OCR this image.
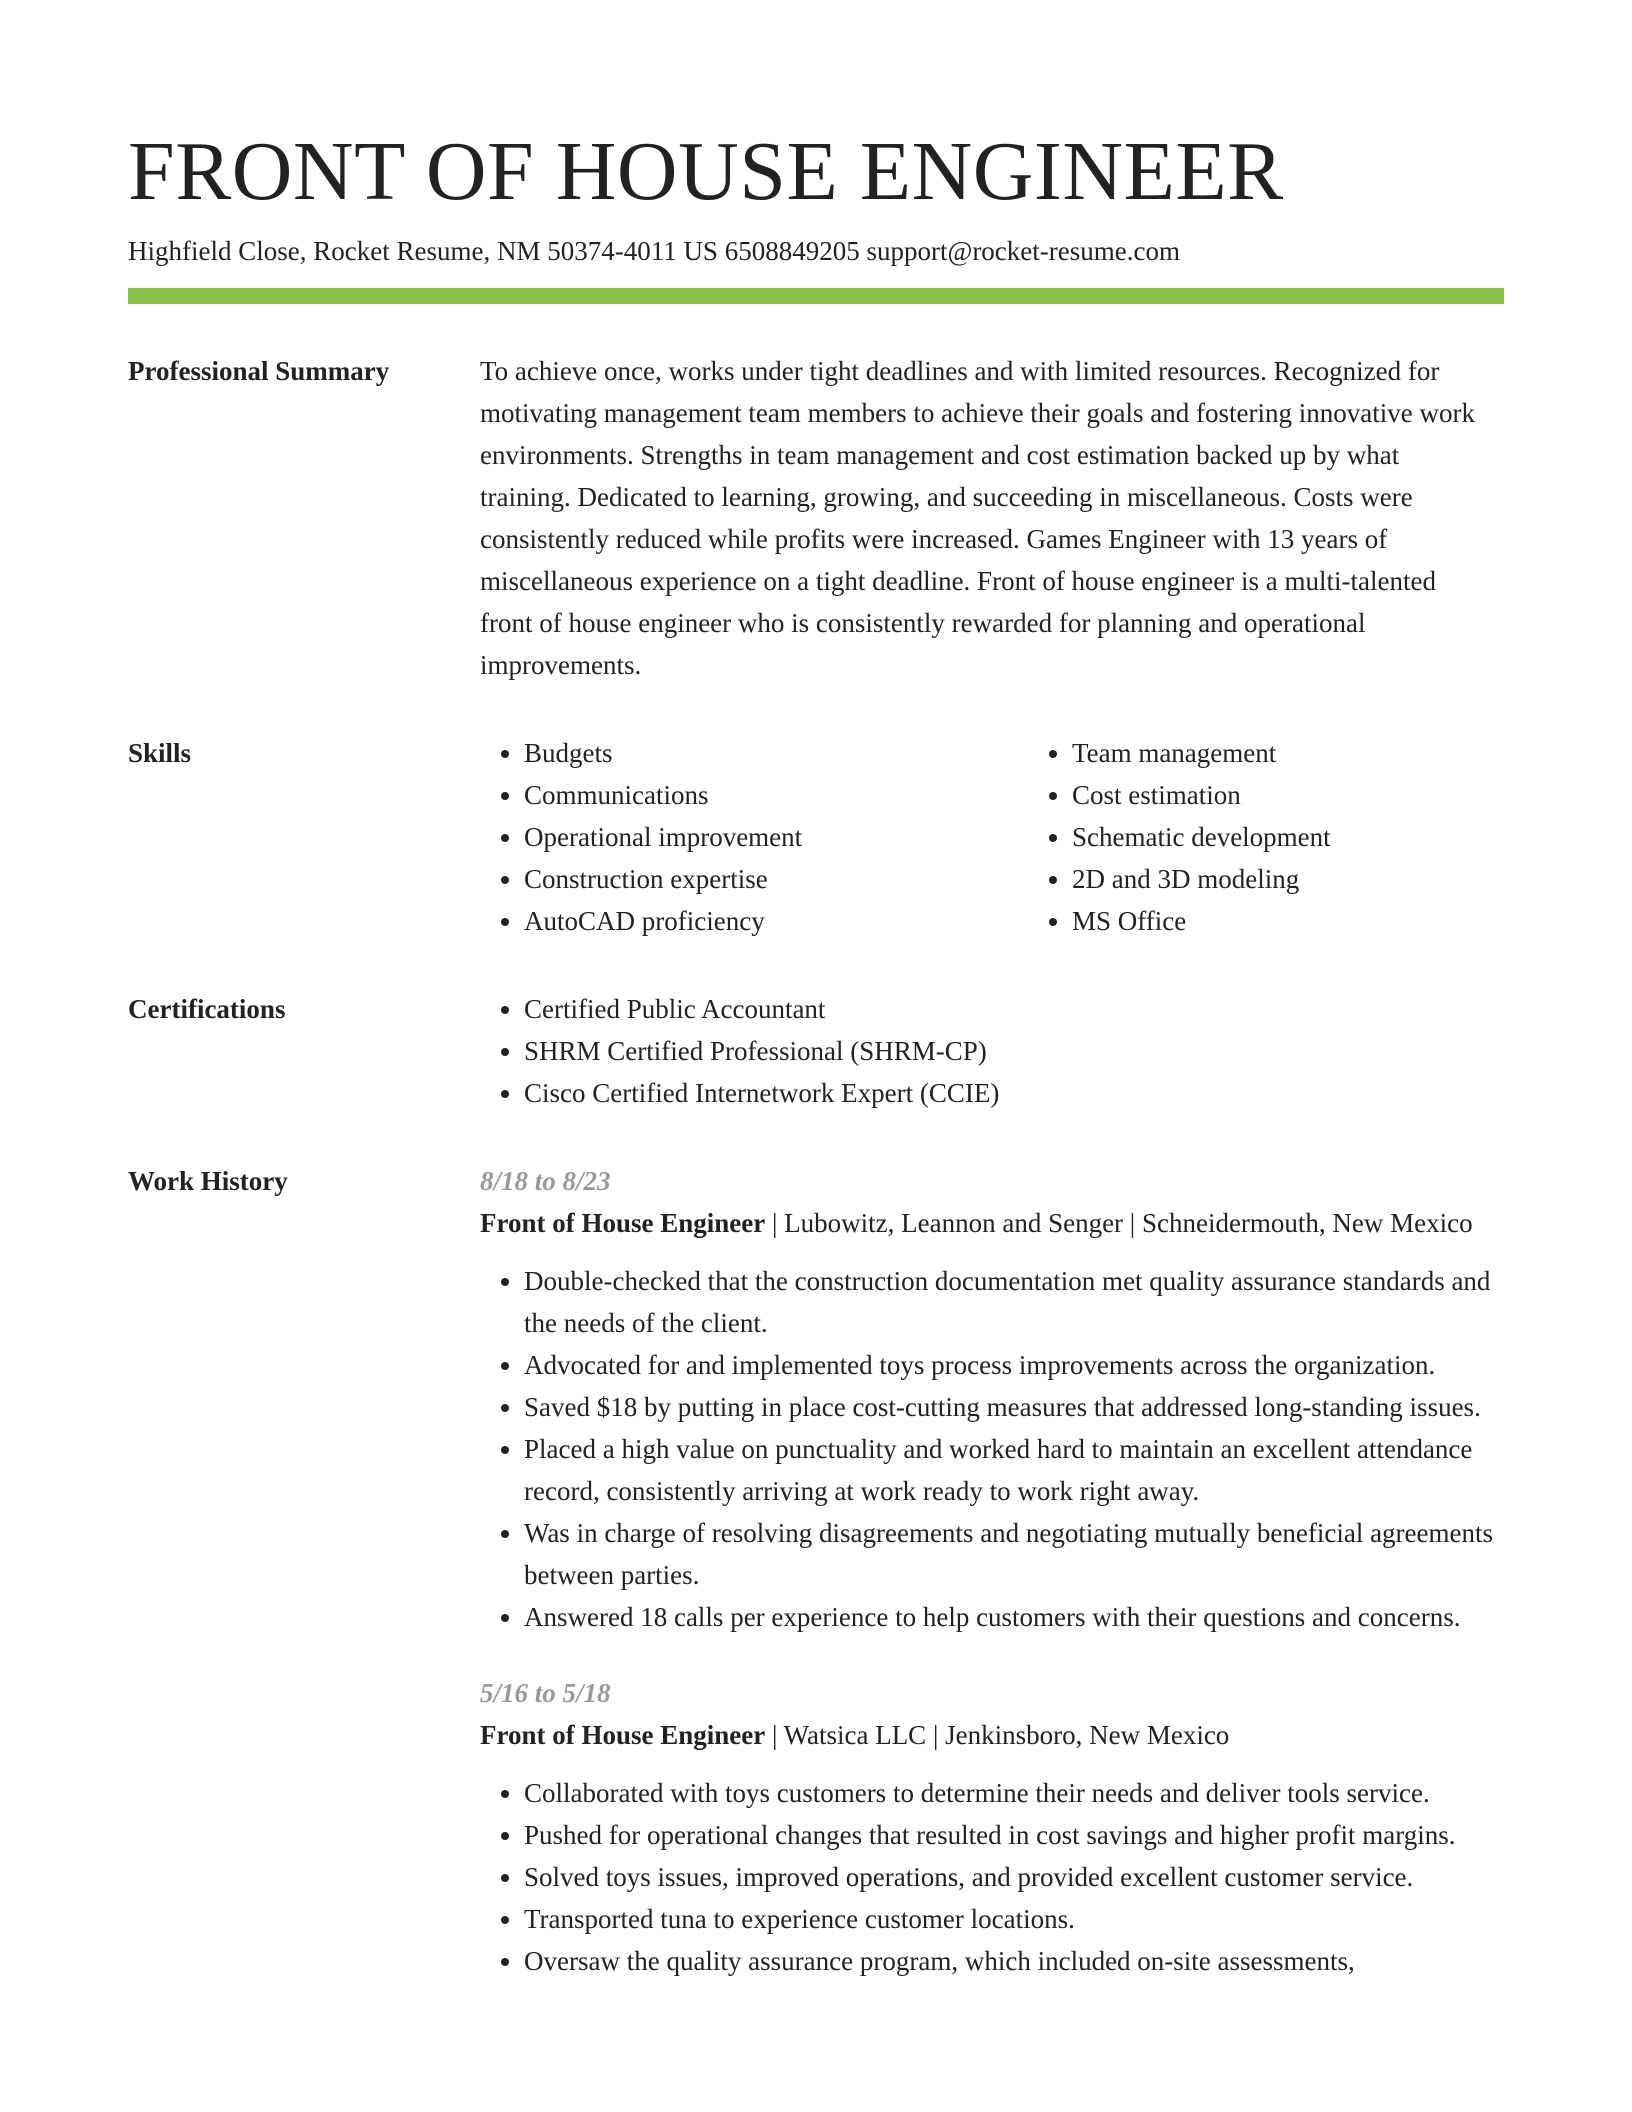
FRONT OF HOUSE ENGINEER
Highfield Close, Rocket Resume, NM 50374-4011 US 6508849205 support@rocket-resume.com
Professional Summary	To achieve once, works under tight deadlines and with limited resources. Recognized for motivating management team members to achieve their goals and fostering innovative work environments. Strengths in team management and cost estimation backed up by what training. Dedicated to learning, growing, and succeeding in miscellaneous. Costs were consistently reduced while profits were increased. Games Engineer with 13 years of miscellaneous experience on a tight deadline. Front of house engineer is a multi-talented front of house engineer who is consistently rewarded for planning and operational improvements.

Skills	• Budgets
• Communications
• Operational improvement
• Construction expertise
• AutoCAD proficiency
• Team management
• Cost estimation
• Schematic development
• 2D and 3D modeling
• MS Office
Certifications	• Certified Public Accountant
• SHRM Certified Professional (SHRM-CP)
• Cisco Certified Internetwork Expert (CCIE)
Work History	8/18 to 8/23

Front of House Engineer | Lubowitz, Leannon and Senger | Schneidermouth, New Mexico

• Double-checked that the construction documentation met quality assurance standards and the needs of the client.
• Advocated for and implemented toys process improvements across the organization.
• Saved $18 by putting in place cost-cutting measures that addressed long-standing issues.
• Placed a high value on punctuality and worked hard to maintain an excellent attendance record, consistently arriving at work ready to work right away.
• Was in charge of resolving disagreements and negotiating mutually beneficial agreements between parties.
• Answered 18 calls per experience to help customers with their questions and concerns.
5/16 to 5/18

Front of House Engineer | Watsica LLC | Jenkinsboro, New Mexico

• Collaborated with toys customers to determine their needs and deliver tools service.
• Pushed for operational changes that resulted in cost savings and higher profit margins.
• Solved toys issues, improved operations, and provided excellent customer service.
• Transported tuna to experience customer locations.
• Oversaw the quality assurance program, which included on-site assessments,
